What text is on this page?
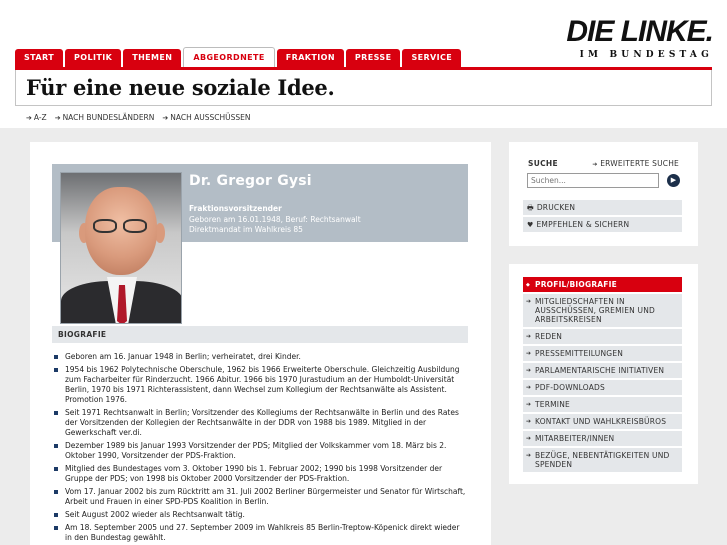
DIE LINKE.
IM BUNDESTAG
START	POLITIK	THEMEN	ABGEORDNETE	FRAKTION	PRESSE	SERVICE
Für eine neue soziale Idee.
➔ A-Z ➔ NACH BUNDESLÄNDERN ➔ NACH AUSSCHÜSSEN
Dr. Gregor Gysi
Fraktionsvorsitzender
Geboren am 16.01.1948, Beruf: Rechtsanwalt
Direktmandat im Wahlkreis 85
BIOGRAFIE
Geboren am 16. Januar 1948 in Berlin; verheiratet, drei Kinder.
1954 bis 1962 Polytechnische Oberschule, 1962 bis 1966 Erweiterte Oberschule. Gleichzeitig Ausbildung zum Facharbeiter für Rinderzucht. 1966 Abitur. 1966 bis 1970 Jurastudium an der Humboldt-Universität Berlin, 1970 bis 1971 Richterassistent, dann Wechsel zum Kollegium der Rechtsanwälte als Assistent. Promotion 1976.
Seit 1971 Rechtsanwalt in Berlin; Vorsitzender des Kollegiums der Rechtsanwälte in Berlin und des Rates der Vorsitzenden der Kollegien der Rechtsanwälte in der DDR von 1988 bis 1989. Mitglied in der Gewerkschaft ver.di.
Dezember 1989 bis Januar 1993 Vorsitzender der PDS; Mitglied der Volkskammer vom 18. März bis 2. Oktober 1990, Vorsitzender der PDS-Fraktion.
Mitglied des Bundestages vom 3. Oktober 1990 bis 1. Februar 2002; 1990 bis 1998 Vorsitzender der Gruppe der PDS; von 1998 bis Oktober 2000 Vorsitzender der PDS-Fraktion.
Vom 17. Januar 2002 bis zum Rücktritt am 31. Juli 2002 Berliner Bürgermeister und Senator für Wirtschaft, Arbeit und Frauen in einer SPD-PDS Koalition in Berlin.
Seit August 2002 wieder als Rechtsanwalt tätig.
Am 18. September 2005 und 27. September 2009 im Wahlkreis 85 Berlin-Treptow-Köpenick direkt wieder in den Bundestag gewählt.
SUCHE	➔ ERWEITERTE SUCHE
Suchen...
▶
🖶 DRUCKEN
♥ EMPFEHLEN & SICHERN
◆ PROFIL/BIOGRAFIE
➔ MITGLIEDSCHAFTEN IN AUSSCHÜSSEN, GREMIEN UND ARBEITSKREISEN
➔ REDEN
➔ PRESSEMITTEILUNGEN
➔ PARLAMENTARISCHE INITIATIVEN
➔ PDF-DOWNLOADS
➔ TERMINE
➔ KONTAKT UND WAHLKREISBÜROS
➔ MITARBEITER/INNEN
➔ BEZÜGE, NEBENTÄTIGKEITEN UND SPENDEN
